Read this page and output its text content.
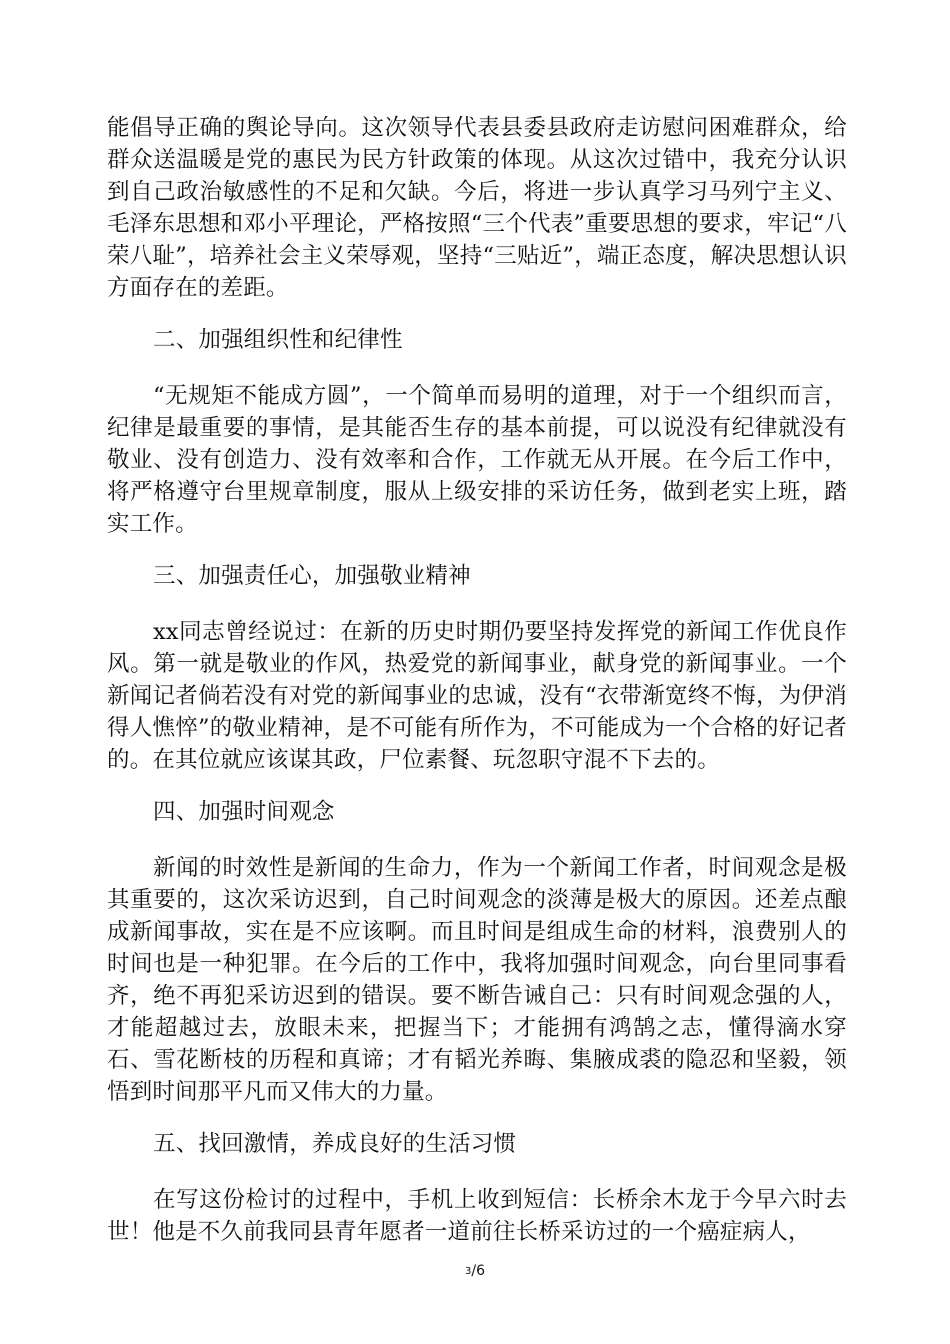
能倡导正确的舆论导向。这次领导代表县委县政府走访慰问困难群众，给群众送温暖是党的惠民为民方针政策的体现。从这次过错中，我充分认识到自己政治敏感性的不足和欠缺。今后，将进一步认真学习马列宁主义、毛泽东思想和邓小平理论，严格按照“三个代表”重要思想的要求，牢记“八荣八耻”，培养社会主义荣辱观，坚持“三贴近”，端正态度，解决思想认识方面存在的差距。

二、加强组织性和纪律性

“无规矩不能成方圆”，一个简单而易明的道理，对于一个组织而言，纪律是最重要的事情，是其能否生存的基本前提，可以说没有纪律就没有敬业、没有创造力、没有效率和合作，工作就无从开展。在今后工作中，将严格遵守台里规章制度，服从上级安排的采访任务，做到老实上班，踏实工作。

三、加强责任心，加强敬业精神

xx同志曾经说过：在新的历史时期仍要坚持发挥党的新闻工作优良作风。第一就是敬业的作风，热爱党的新闻事业，献身党的新闻事业。一个新闻记者倘若没有对党的新闻事业的忠诚，没有“衣带渐宽终不悔，为伊消得人憔悴”的敬业精神，是不可能有所作为，不可能成为一个合格的好记者的。在其位就应该谋其政，尸位素餐、玩忽职守混不下去的。

四、加强时间观念

新闻的时效性是新闻的生命力，作为一个新闻工作者，时间观念是极其重要的，这次采访迟到，自己时间观念的淡薄是极大的原因。还差点酿成新闻事故，实在是不应该啊。而且时间是组成生命的材料，浪费别人的时间也是一种犯罪。在今后的工作中，我将加强时间观念，向台里同事看齐，绝不再犯采访迟到的错误。要不断告诫自己：只有时间观念强的人，才能超越过去，放眼未来，把握当下；才能拥有鸿鹄之志，懂得滴水穿石、雪花断枝的历程和真谛；才有韬光养晦、集腋成裘的隐忍和坚毅，领悟到时间那平凡而又伟大的力量。

五、找回激情，养成良好的生活习惯

在写这份检讨的过程中，手机上收到短信：长桥余木龙于今早六时去世！他是不久前我同县青年愿者一道前往长桥采访过的一个癌症病人，

3/6
